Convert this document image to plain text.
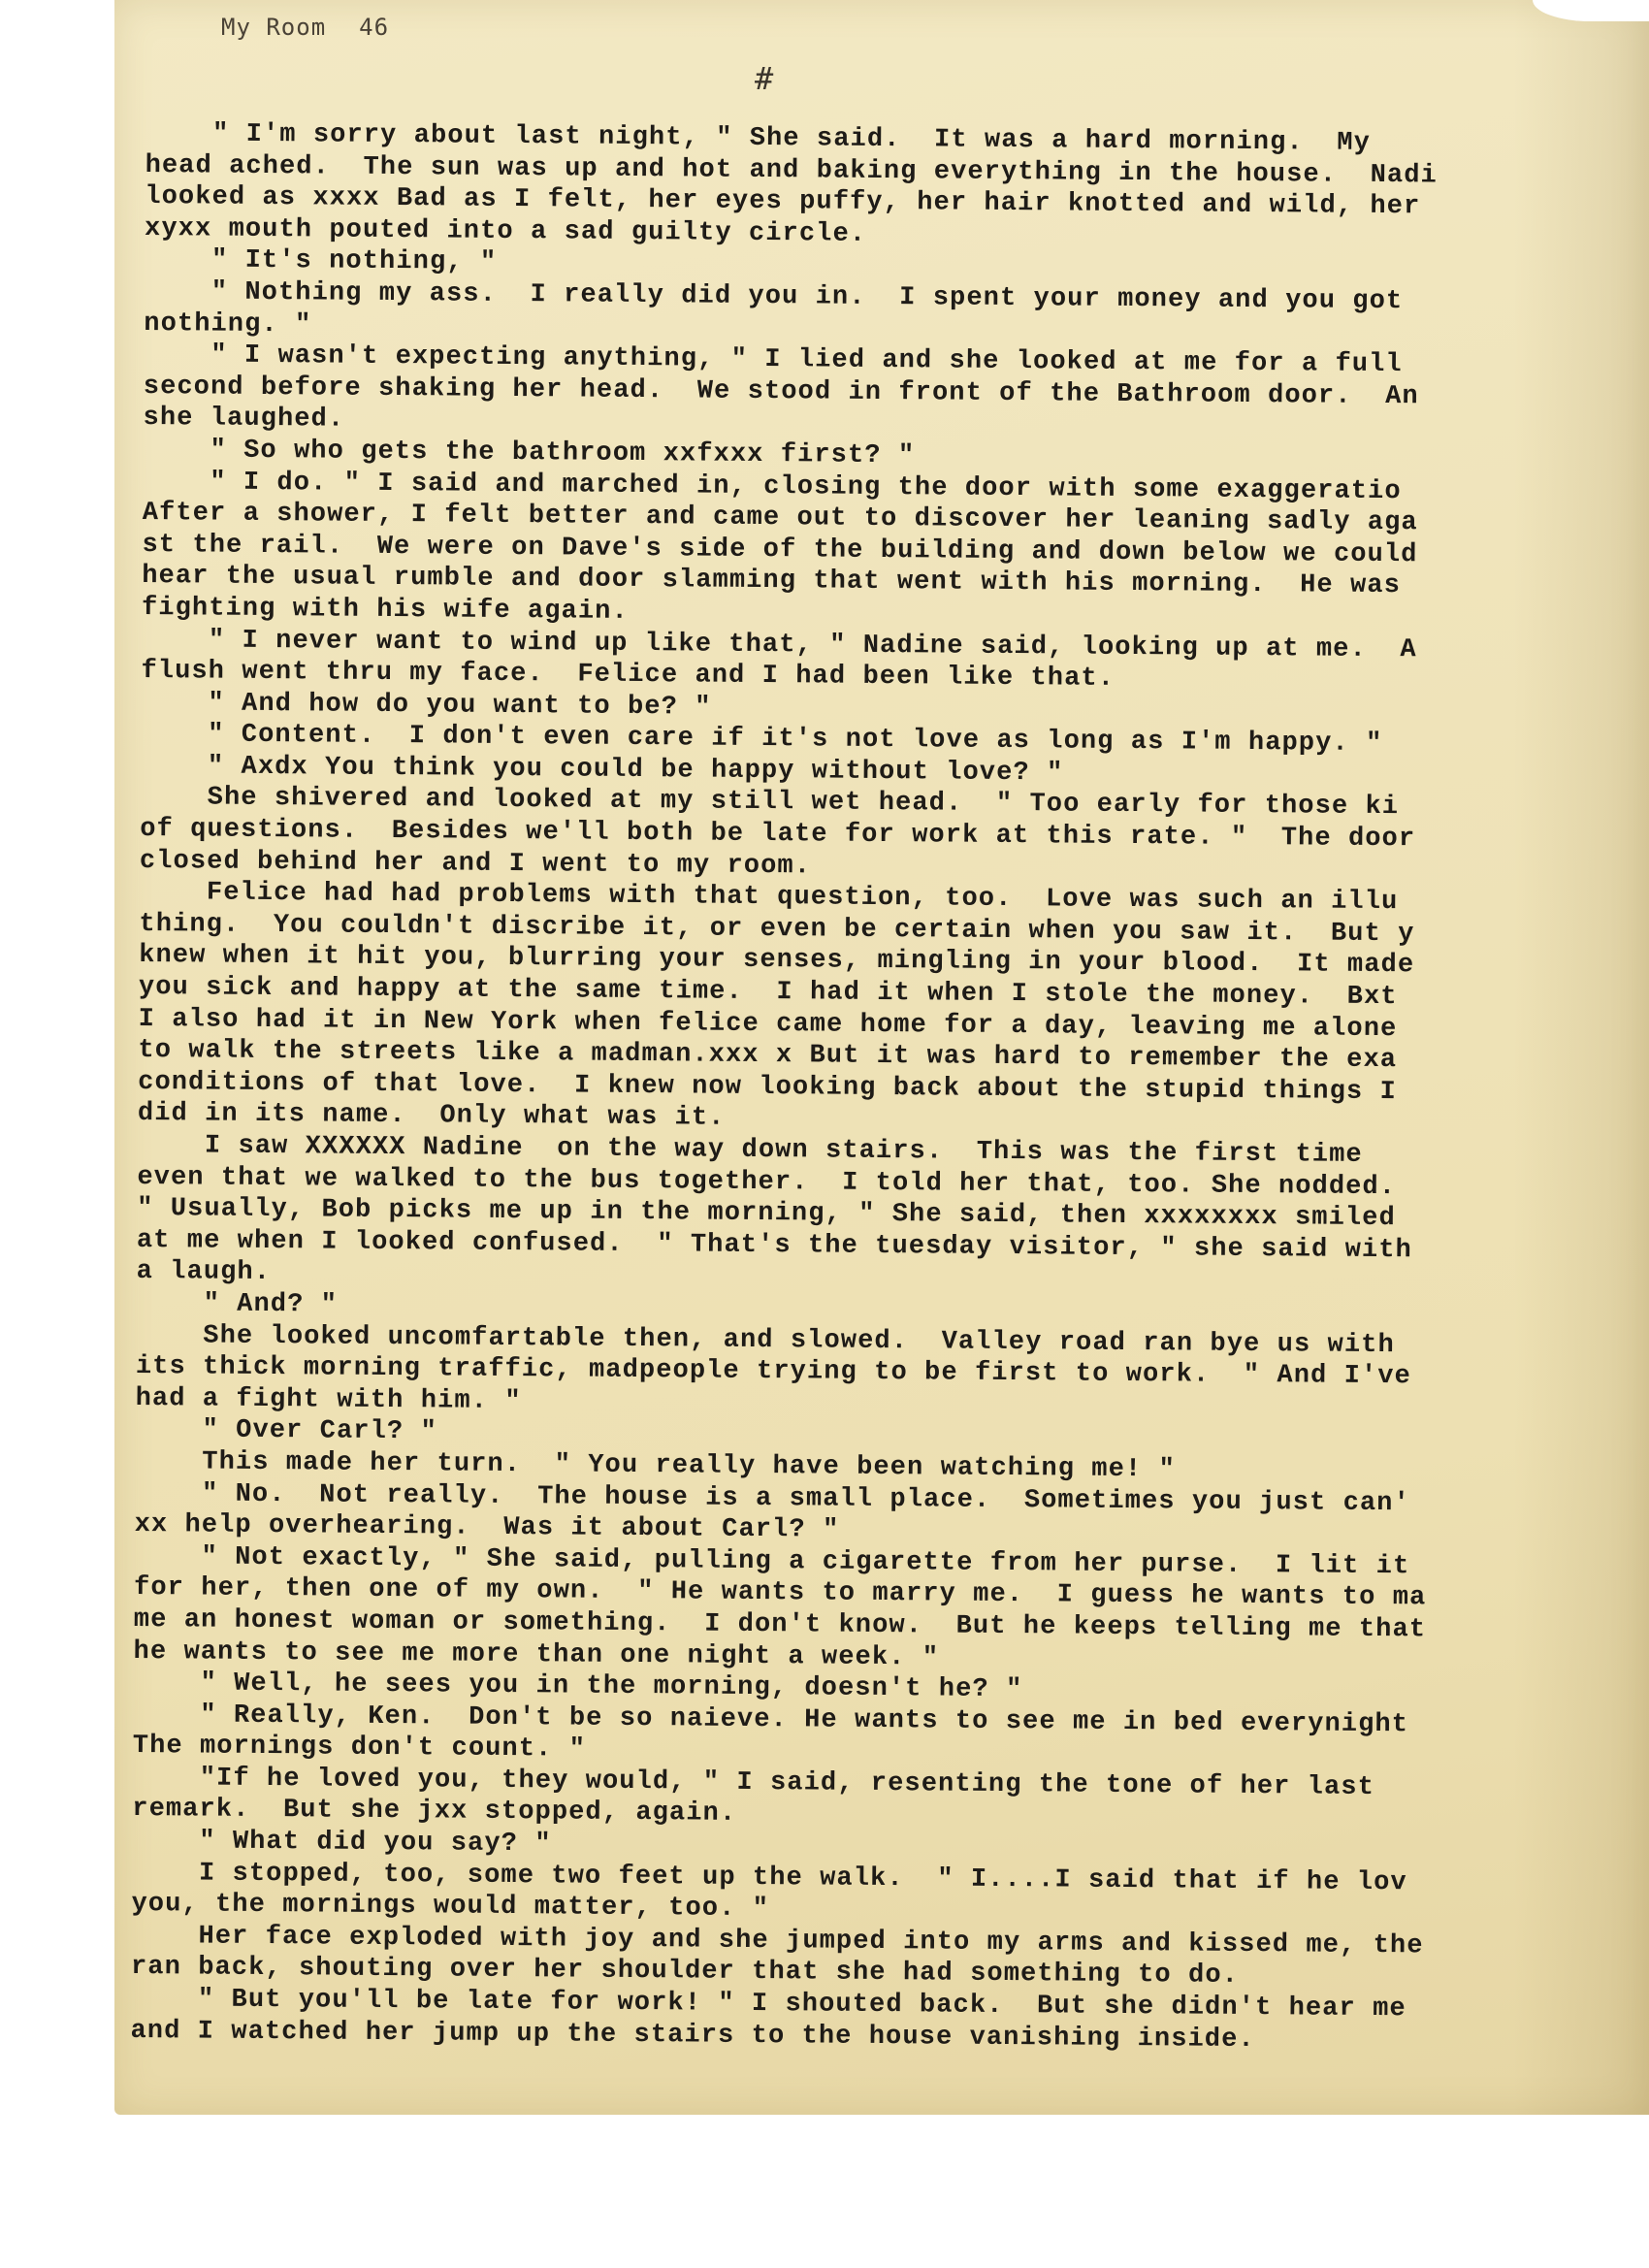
My Room 46
#
" I'm sorry about last night, " She said.  It was a hard morning.  My
head ached.  The sun was up and hot and baking everything in the house.  Nadi
looked as xxxx Bad as I felt, her eyes puffy, her hair knotted and wild, her
xyxx mouth pouted into a sad guilty circle.
" It's nothing, "
" Nothing my ass.  I really did you in.  I spent your money and you got
nothing. "
" I wasn't expecting anything, " I lied and she looked at me for a full
second before shaking her head.  We stood in front of the Bathroom door.  An
she laughed.
" So who gets the bathroom xxfxxx first? "
" I do. " I said and marched in, closing the door with some exaggeratio
After a shower, I felt better and came out to discover her leaning sadly aga
st the rail.  We were on Dave's side of the building and down below we could
hear the usual rumble and door slamming that went with his morning.  He was
fighting with his wife again.
" I never want to wind up like that, " Nadine said, looking up at me.  A
flush went thru my face.  Felice and I had been like that.
" And how do you want to be? "
" Content.  I don't even care if it's not love as long as I'm happy. "
" Axdx You think you could be happy without love? "
She shivered and looked at my still wet head.  " Too early for those ki
of questions.  Besides we'll both be late for work at this rate. "  The door
closed behind her and I went to my room.
Felice had had problems with that question, too.  Love was such an illu
thing.  You couldn't discribe it, or even be certain when you saw it.  But y
knew when it hit you, blurring your senses, mingling in your blood.  It made
you sick and happy at the same time.  I had it when I stole the money.  Bxt
I also had it in New York when felice came home for a day, leaving me alone
to walk the streets like a madman.xxx x But it was hard to remember the exa
conditions of that love.  I knew now looking back about the stupid things I
did in its name.  Only what was it.
I saw XXXXXX Nadine  on the way down stairs.  This was the first time
even that we walked to the bus together.  I told her that, too. She nodded.
" Usually, Bob picks me up in the morning, " She said, then xxxxxxxx smiled
at me when I looked confused.  " That's the tuesday visitor, " she said with
a laugh.
" And? "
She looked uncomfartable then, and slowed.  Valley road ran bye us with
its thick morning traffic, madpeople trying to be first to work.  " And I've
had a fight with him. "
" Over Carl? "
This made her turn.  " You really have been watching me! "
" No.  Not really.  The house is a small place.  Sometimes you just can'
xx help overhearing.  Was it about Carl? "
" Not exactly, " She said, pulling a cigarette from her purse.  I lit it
for her, then one of my own.  " He wants to marry me.  I guess he wants to ma
me an honest woman or something.  I don't know.  But he keeps telling me that
he wants to see me more than one night a week. "
" Well, he sees you in the morning, doesn't he? "
" Really, Ken.  Don't be so naieve. He wants to see me in bed everynight
The mornings don't count. "
"If he loved you, they would, " I said, resenting the tone of her last
remark.  But she jxx stopped, again.
" What did you say? "
I stopped, too, some two feet up the walk.  " I....I said that if he lov
you, the mornings would matter, too. "
Her face exploded with joy and she jumped into my arms and kissed me, the
ran back, shouting over her shoulder that she had something to do.
" But you'll be late for work! " I shouted back.  But she didn't hear me
and I watched her jump up the stairs to the house vanishing inside.
